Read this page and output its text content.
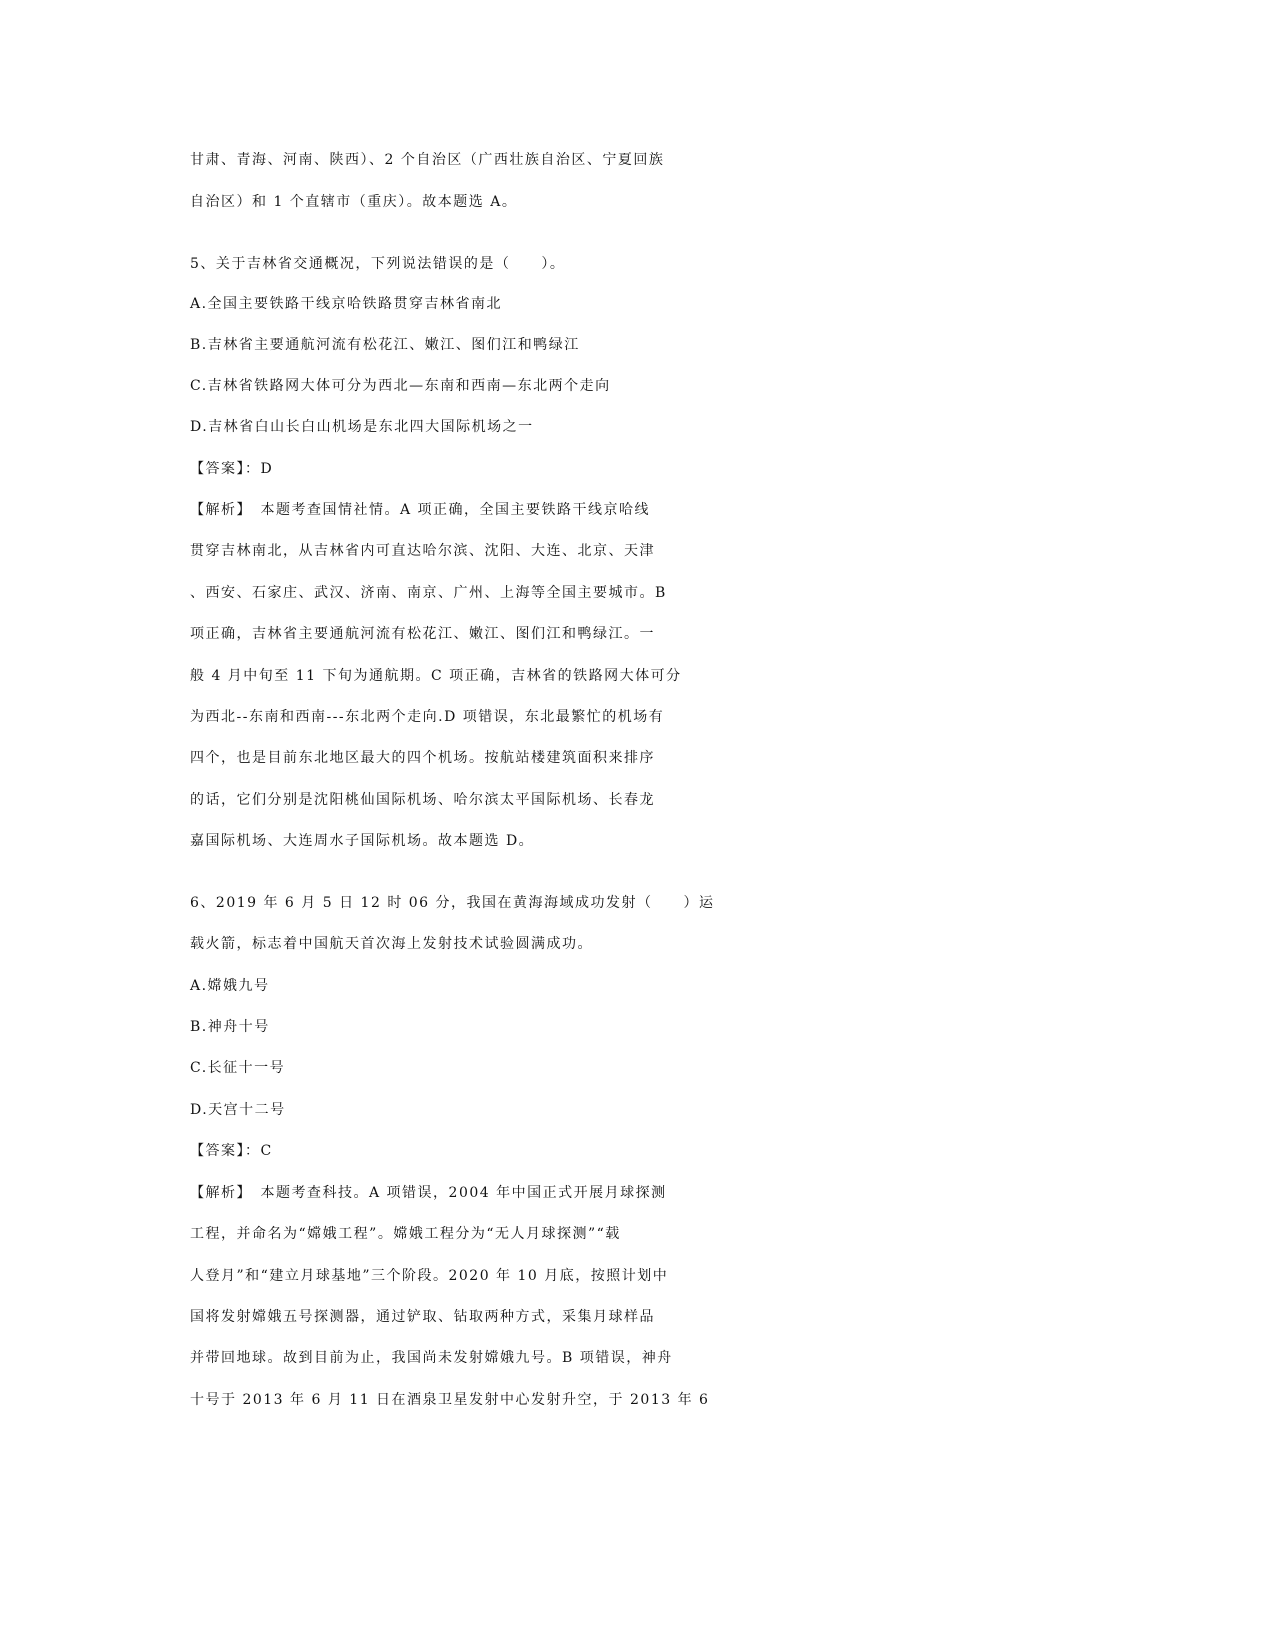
甘肃、青海、河南、陕西）、2 个自治区（广西壮族自治区、宁夏回族
自治区）和 1 个直辖市（重庆）。故本题选 A。
5、关于吉林省交通概况，下列说法错误的是（　　）。
A.全国主要铁路干线京哈铁路贯穿吉林省南北
B.吉林省主要通航河流有松花江、嫩江、图们江和鸭绿江
C.吉林省铁路网大体可分为西北—东南和西南—东北两个走向
D.吉林省白山长白山机场是东北四大国际机场之一
【答案】：D
【解析】　本题考查国情社情。A 项正确，全国主要铁路干线京哈线
贯穿吉林南北，从吉林省内可直达哈尔滨、沈阳、大连、北京、天津
、西安、石家庄、武汉、济南、南京、广州、上海等全国主要城市。B
项正确，吉林省主要通航河流有松花江、嫩江、图们江和鸭绿江。一
般 4 月中旬至 11 下旬为通航期。C 项正确，吉林省的铁路网大体可分
为西北--东南和西南---东北两个走向.D 项错误，东北最繁忙的机场有
四个，也是目前东北地区最大的四个机场。按航站楼建筑面积来排序
的话，它们分别是沈阳桃仙国际机场、哈尔滨太平国际机场、长春龙
嘉国际机场、大连周水子国际机场。故本题选 D。
6、2019 年 6 月 5 日 12 时 06 分，我国在黄海海域成功发射（　　）运
载火箭，标志着中国航天首次海上发射技术试验圆满成功。
A.嫦娥九号
B.神舟十号
C.长征十一号
D.天宫十二号
【答案】：C
【解析】　本题考查科技。A 项错误，2004 年中国正式开展月球探测
工程，并命名为“嫦娥工程”。嫦娥工程分为“无人月球探测”“载
人登月”和“建立月球基地”三个阶段。2020 年 10 月底，按照计划中
国将发射嫦娥五号探测器，通过铲取、钻取两种方式，采集月球样品
并带回地球。故到目前为止，我国尚未发射嫦娥九号。B 项错误，神舟
十号于 2013 年 6 月 11 日在酒泉卫星发射中心发射升空，于 2013 年 6
